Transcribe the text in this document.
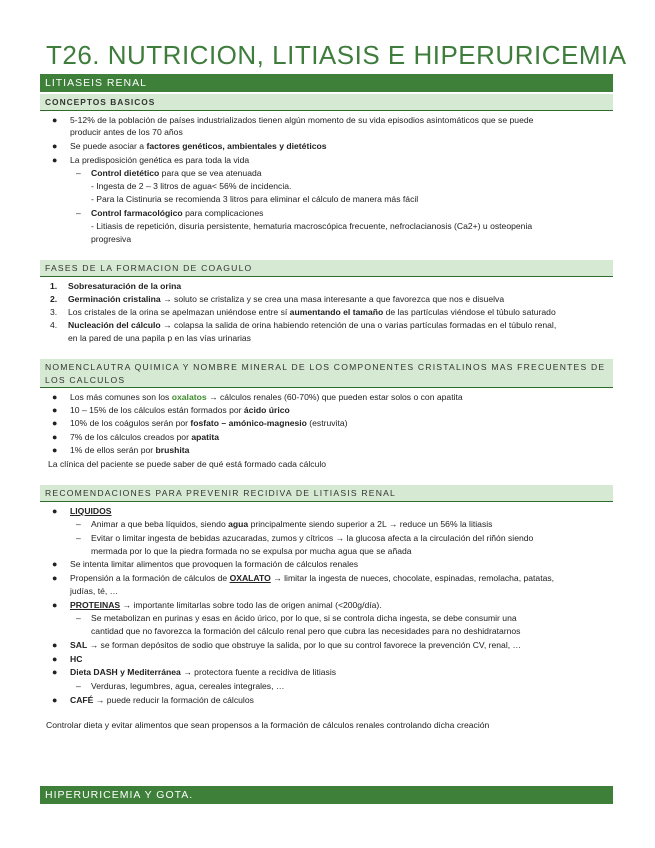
T26. NUTRICION, LITIASIS E HIPERURICEMIA
LITIASEIS RENAL
CONCEPTOS BASICOS
● 5-12% de la población de países industrializados tienen algún momento de su vida episodios asintomáticos que se puede
producir antes de los 70 años
● Se puede asociar a factores genéticos, ambientales y dietéticos
● La predisposición genética es para toda la vida
– Control dietético para que se vea atenuada
- Ingesta de 2 – 3 litros de agua< 56% de incidencia.
- Para la Cistinuria se recomienda 3 litros para eliminar el cálculo de manera más fácil
– Control farmacológico para complicaciones
- Litiasis de repetición, disuria persistente, hematuria macroscópica frecuente, nefroclacianosis (Ca2+) u osteopenia
progresiva
FASES DE LA FORMACION DE COAGULO
1. Sobresaturación de la orina
2. Germinación cristalina → soluto se cristaliza y se crea una masa interesante a que favorezca que nos e disuelva
3. Los cristales de la orina se apelmazan uniéndose entre sí aumentando el tamaño de las partículas viéndose el túbulo saturado
4. Nucleación del cálculo → colapsa la salida de orina habiendo retención de una o varias partículas formadas en el túbulo renal,
en la pared de una papila p en las vías urinarias
NOMENCLAUTRA QUIMICA Y NOMBRE MINERAL DE LOS COMPONENTES CRISTALINOS MAS FRECUENTES DE
LOS CALCULOS
● Los más comunes son los oxalatos → cálculos renales (60-70%) que pueden estar solos o con apatita
● 10 – 15% de los cálculos están formados por ácido úrico
● 10% de los coágulos serán por fosfato – amónico-magnesio (estruvita)
● 7% de los cálculos creados por apatita
● 1% de ellos serán por brushita
La clínica del paciente se puede saber de qué está formado cada cálculo
RECOMENDACIONES PARA PREVENIR RECIDIVA DE LITIASIS RENAL
● LIQUIDOS
– Animar a que beba líquidos, siendo agua principalmente siendo superior a 2L → reduce un 56% la litiasis
– Evitar o limitar ingesta de bebidas azucaradas, zumos y cítricos → la glucosa afecta a la circulación del riñón siendo
mermada por lo que la piedra formada no se expulsa por mucha agua que se añada
● Se intenta limitar alimentos que provoquen la formación de cálculos renales
● Propensión a la formación de cálculos de OXALATO → limitar la ingesta de nueces, chocolate, espinadas, remolacha, patatas,
judías, té, …
● PROTEINAS → importante limitarlas sobre todo las de origen animal (<200g/día).
– Se metabolizan en purinas y esas en ácido úrico, por lo que, si se controla dicha ingesta, se debe consumir una
cantidad que no favorezca la formación del cálculo renal pero que cubra las necesidades para no deshidratarnos
● SAL → se forman depósitos de sodio que obstruye la salida, por lo que su control favorece la prevención CV, renal, …
● HC
● Dieta DASH y Mediterránea → protectora fuente a recidiva de litiasis
– Verduras, legumbres, agua, cereales integrales, …
● CAFÉ → puede reducir la formación de cálculos
Controlar dieta y evitar alimentos que sean propensos a la formación de cálculos renales controlando dicha creación
HIPERURICEMIA Y GOTA.
